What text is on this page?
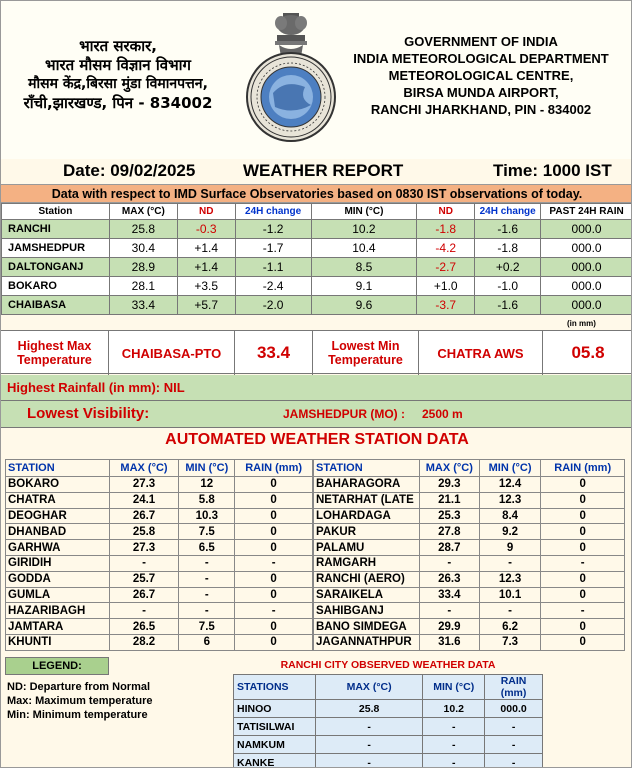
भारत सरकार,
भारत मौसम विज्ञान विभाग
मौसम केंद्र,बिरसा मुंडा विमानपत्तन,
राँची,झारखण्ड, पिन - 834002
GOVERNMENT OF INDIA
INDIA METEOROLOGICAL DEPARTMENT
METEOROLOGICAL CENTRE,
BIRSA MUNDA AIRPORT,
RANCHI JHARKHAND, PIN - 834002
Date: 09/02/2025	WEATHER REPORT	Time: 1000 IST
Data with respect to IMD Surface Observatories based on 0830 IST observations of today.
Station	MAX (°C)	ND	24H change	MIN (°C)	ND	24H change	PAST 24H RAIN
RANCHI	25.8	-0.3	-1.2	10.2	-1.8	-1.6	000.0
JAMSHEDPUR	30.4	+1.4	-1.7	10.4	-4.2	-1.8	000.0
DALTONGANJ	28.9	+1.4	-1.1	8.5	-2.7	+0.2	000.0
BOKARO	28.1	+3.5	-2.4	9.1	+1.0	-1.0	000.0
CHAIBASA	33.4	+5.7	-2.0	9.6	-3.7	-1.6	000.0
(in mm)
Highest Max Temperature	CHAIBASA-PTO	33.4	Lowest Min Temperature	CHATRA AWS	05.8
Highest Rainfall (in mm): NIL
Lowest Visibility:	JAMSHEDPUR (MO) : 2500 m
AUTOMATED WEATHER STATION DATA
STATION	MAX (°C)	MIN (°C)	RAIN (mm)
BOKARO	27.3	12	0
CHATRA	24.1	5.8	0
DEOGHAR	26.7	10.3	0
DHANBAD	25.8	7.5	0
GARHWA	27.3	6.5	0
GIRIDIH	-	-	-
GODDA	25.7	-	0
GUMLA	26.7	-	0
HAZARIBAGH	-	-	-
JAMTARA	26.5	7.5	0
KHUNTI	28.2	6	0
STATION	MAX (°C)	MIN (°C)	RAIN (mm)
BAHARAGORA	29.3	12.4	0
NETARHAT (LATE	21.1	12.3	0
LOHARDAGA	25.3	8.4	0
PAKUR	27.8	9.2	0
PALAMU	28.7	9	0
RAMGARH	-	-	-
RANCHI (AERO)	26.3	12.3	0
SARAIKELA	33.4	10.1	0
SAHIBGANJ	-	-	-
BANO SIMDEGA	29.9	6.2	0
JAGANNATHPUR	31.6	7.3	0
LEGEND:
ND: Departure from Normal
Max: Maximum temperature
Min: Minimum temperature
RANCHI CITY OBSERVED WEATHER DATA
STATIONS	MAX (°C)	MIN (°C)	RAIN (mm)
HINOO	25.8	10.2	000.0
TATISILWAI	-	-	-
NAMKUM	-	-	-
KANKE	-	-	-
